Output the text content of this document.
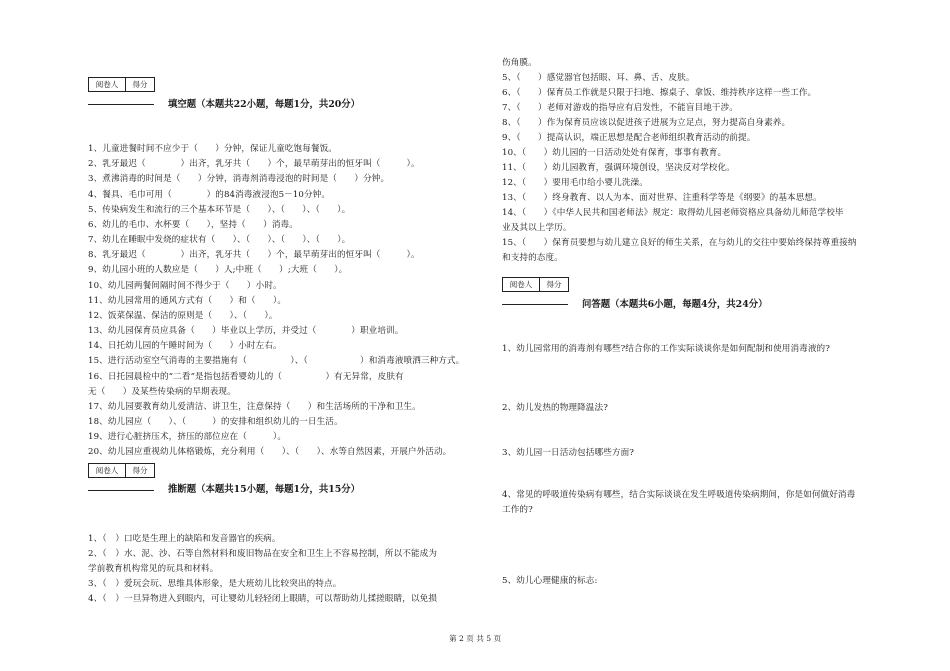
阅卷人	得分
填空题（本题共22小题，每题1分，共20分）
1、儿童进餐时间不应少于（　　）分钟，保证儿童吃饱每餐饭。
2、乳牙最迟（　　　　）出齐，乳牙共（　　）个，最早萌芽出的恒牙叫（　　　）。
3、煮沸消毒的时间是（　　）分钟，消毒剂消毒浸泡的时间是（　　）分钟。
4、餐具、毛巾可用（　　　　）的84消毒液浸泡5－10分钟。
5、传染病发生和流行的三个基本环节是（　　）、（　　）、（　　）。
6、幼儿的毛巾、水杯要（　　），坚持（　　）消毒。
7、幼儿在睡眠中发烧的症状有（　　）、（　　）、（　　）、（　　）。
8、乳牙最迟（　　　　）出齐，乳牙共（　　）个，最早萌芽出的恒牙叫（　　　）。
9、幼儿园小班的人数应是（　　）人;中班（　　）;大班（　　）。
10、幼儿园两餐间隔时间不得少于（　　）小时。
11、幼儿园常用的通风方式有（　　）和（　　）。
12、饭菜保温、保洁的原则是（　　）、（　　）。
13、幼儿园保育员应具备（　　）毕业以上学历，并受过（　　　　）职业培训。
14、日托幼儿园的午睡时间为（　　）小时左右。
15、进行活动室空气消毒的主要措施有（　　　　　）、（　　　　　　）和消毒液喷洒三种方式。
16、日托园晨检中的“二看”是指包括看婴幼儿的（　　　　　）有无异常，皮肤有
无（　　）及某些传染病的早期表现。
17、幼儿园要教育幼儿爱清洁、讲卫生，注意保持（　　）和生活场所的干净和卫生。
18、幼儿园应（　　）、（　　　）的安排和组织幼儿的一日生活。
19、进行心脏挤压术，挤压的部位应在（　　　）。
20、幼儿园应重视幼儿体格锻炼，充分利用（　　）、（　　）、水等自然因素，开展户外活动。
阅卷人	得分
推断题（本题共15小题，每题1分，共15分）
1、（　）口吃是生理上的缺陷和发音器官的疾病。
2、（　）水、泥、沙、石等自然材料和废旧物品在安全和卫生上不容易控制，所以不能成为
学前教育机构常见的玩具和材料。
3、（　）爱玩会玩、思维具体形象，是大班幼儿比较突出的特点。
4、（　）一旦异物进入到眼内，可让婴幼儿轻轻闭上眼睛，可以帮助幼儿揉搓眼睛，以免损
伤角膜。
5、（　　）感觉器官包括眼、耳、鼻、舌、皮肤。
6、（　　）保育员工作就是只限于扫地、擦桌子、拿饭、维持秩序这样一些工作。
7、（　　）老师对游戏的指导应有启发性，不能盲目地干涉。
8、（　　）作为保育员应该以促进孩子进展为立足点，努力提高自身素养。
9、（　　）提高认识，端正思想是配合老师组织教育活动的前提。
10、（　　）幼儿园的一日活动处处有保育，事事有教育。
11、（　　）幼儿园教育，强调环境创设，坚决反对学校化。
12、（　　）要用毛巾给小婴儿洗澡。
13、（　　）终身教育、以人为本、面对世界、注重科学等是《纲要》的基本思想。
14、（　　）《中华人民共和国老师法》规定：取得幼儿园老师资格应具备幼儿师范学校毕
业及其以上学历。
15、（　　）保育员要想与幼儿建立良好的师生关系，在与幼儿的交往中要始终保持尊重接纳
和支持的态度。
阅卷人	得分
问答题（本题共6小题，每题4分，共24分）
1、幼儿园常用的消毒剂有哪些?结合你的工作实际谈谈你是如何配制和使用消毒液的?
2、幼儿发热的物理降温法?
3、幼儿园一日活动包括哪些方面?
4、常见的呼吸道传染病有哪些，结合实际谈谈在发生呼吸道传染病期间，你是如何做好消毒
工作的?
5、幼儿心理健康的标志:
第 2 页 共 5 页
